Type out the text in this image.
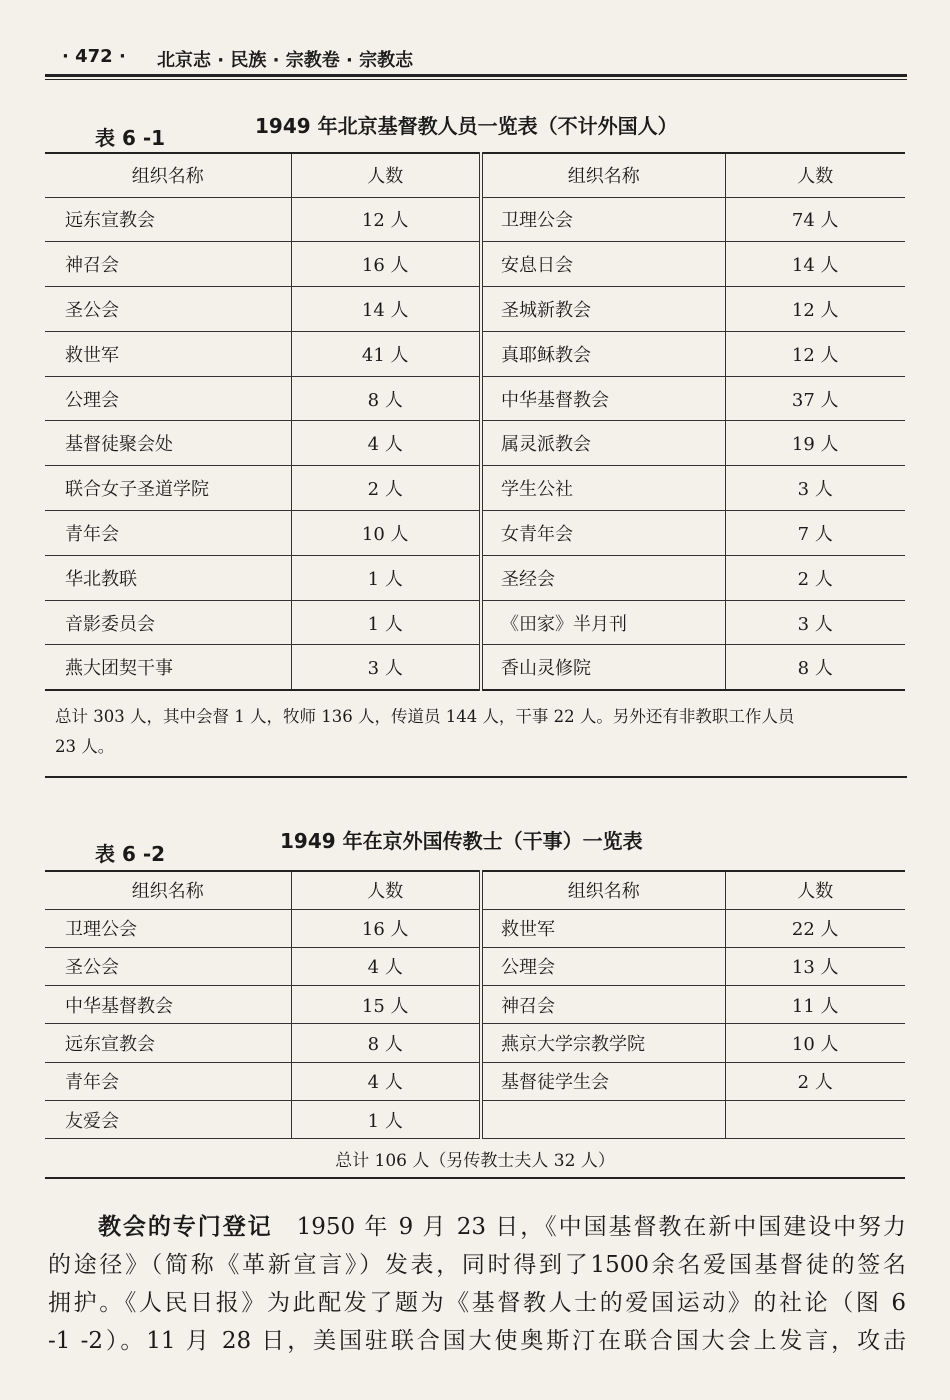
· 472 · 北京志 · 民族 · 宗教卷 · 宗教志
表 6 -1	1949 年北京基督教人员一览表（不计外国人）
组织名称	人数	组织名称	人数
远东宣教会	12 人	卫理公会	74 人
神召会	16 人	安息日会	14 人
圣公会	14 人	圣城新教会	12 人
救世军	41 人	真耶稣教会	12 人
公理会	8 人	中华基督教会	37 人
基督徒聚会处	4 人	属灵派教会	19 人
联合女子圣道学院	2 人	学生公社	3 人
青年会	10 人	女青年会	7 人
华北教联	1 人	圣经会	2 人
音影委员会	1 人	《田家》半月刊	3 人
燕大团契干事	3 人	香山灵修院	8 人
总计 303 人，其中会督 1 人，牧师 136 人，传道员 144 人，干事 22 人。另外还有非教职工作人员
23 人。
表 6 -2
1949 年在京外国传教士（干事）一览表
组织名称	人数	组织名称	人数
卫理公会	16 人	救世军	22 人
圣公会	4 人	公理会	13 人
中华基督教会	15 人	神召会	11 人
远东宣教会	8 人	燕京大学宗教学院	10 人
青年会	4 人	基督徒学生会	2 人
友爱会	1 人		
总计 106 人（另传教士夫人 32 人）			
教会的专门登记 1950 年 9 月 23 日，《中国基督教在新中国建设中努力
的途径》（简称《革新宣言》）发表，同时得到了1500余名爱国基督徒的签名
拥护。《人民日报》为此配发了题为《基督教人士的爱国运动》的社论（图 6
-1 -2）。11 月 28 日，美国驻联合国大使奥斯汀在联合国大会上发言，攻击
